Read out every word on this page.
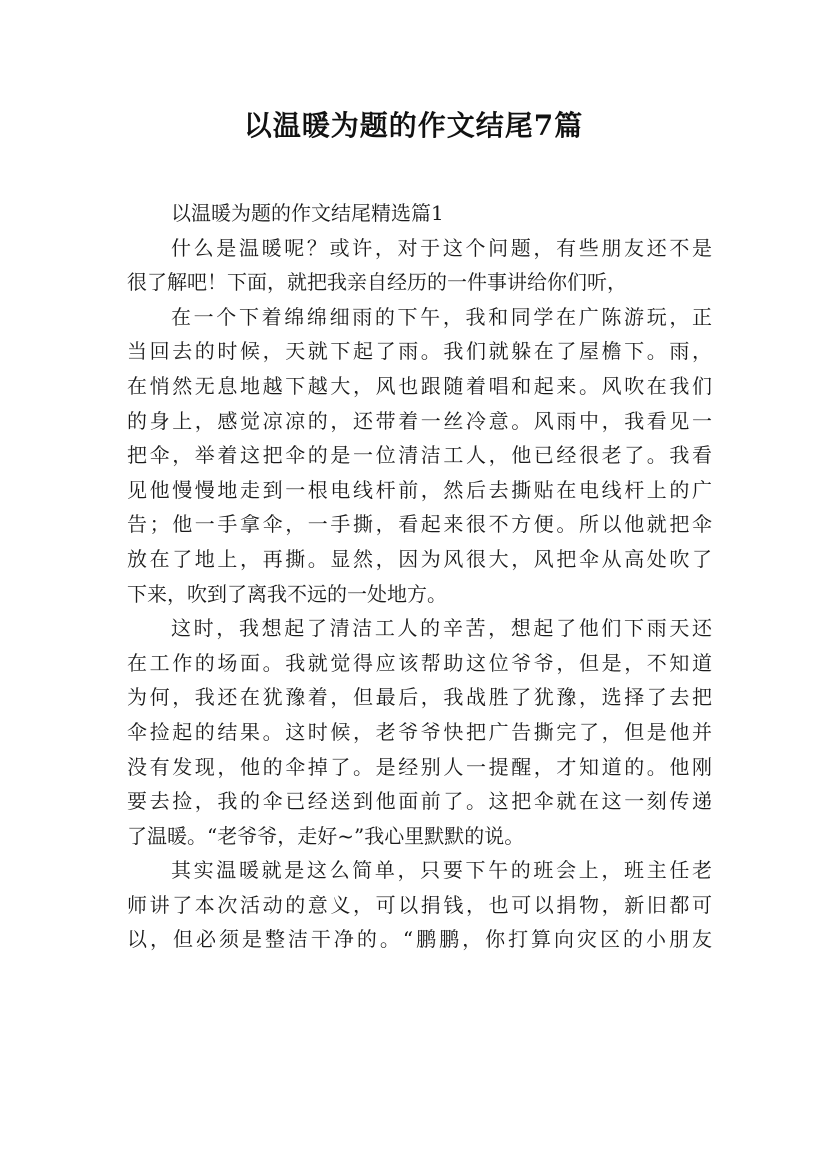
以温暖为题的作文结尾7篇
以温暖为题的作文结尾精选篇1
什么是温暖呢？或许，对于这个问题，有些朋友还不是
很了解吧！下面，就把我亲自经历的一件事讲给你们听，
在一个下着绵绵细雨的下午，我和同学在广陈游玩，正
当回去的时候，天就下起了雨。我们就躲在了屋檐下。雨，
在悄然无息地越下越大，风也跟随着唱和起来。风吹在我们
的身上，感觉凉凉的，还带着一丝冷意。风雨中，我看见一
把伞，举着这把伞的是一位清洁工人，他已经很老了。我看
见他慢慢地走到一根电线杆前，然后去撕贴在电线杆上的广
告；他一手拿伞，一手撕，看起来很不方便。所以他就把伞
放在了地上，再撕。显然，因为风很大，风把伞从高处吹了
下来，吹到了离我不远的一处地方。
这时，我想起了清洁工人的辛苦，想起了他们下雨天还
在工作的场面。我就觉得应该帮助这位爷爷，但是，不知道
为何，我还在犹豫着，但最后，我战胜了犹豫，选择了去把
伞捡起的结果。这时候，老爷爷快把广告撕完了，但是他并
没有发现，他的伞掉了。是经别人一提醒，才知道的。他刚
要去捡，我的伞已经送到他面前了。这把伞就在这一刻传递
了温暖。“老爷爷，走好~”我心里默默的说。
其实温暖就是这么简单，只要下午的班会上，班主任老
师讲了本次活动的意义，可以捐钱，也可以捐物，新旧都可
以，但必须是整洁干净的。“鹏鹏，你打算向灾区的小朋友
